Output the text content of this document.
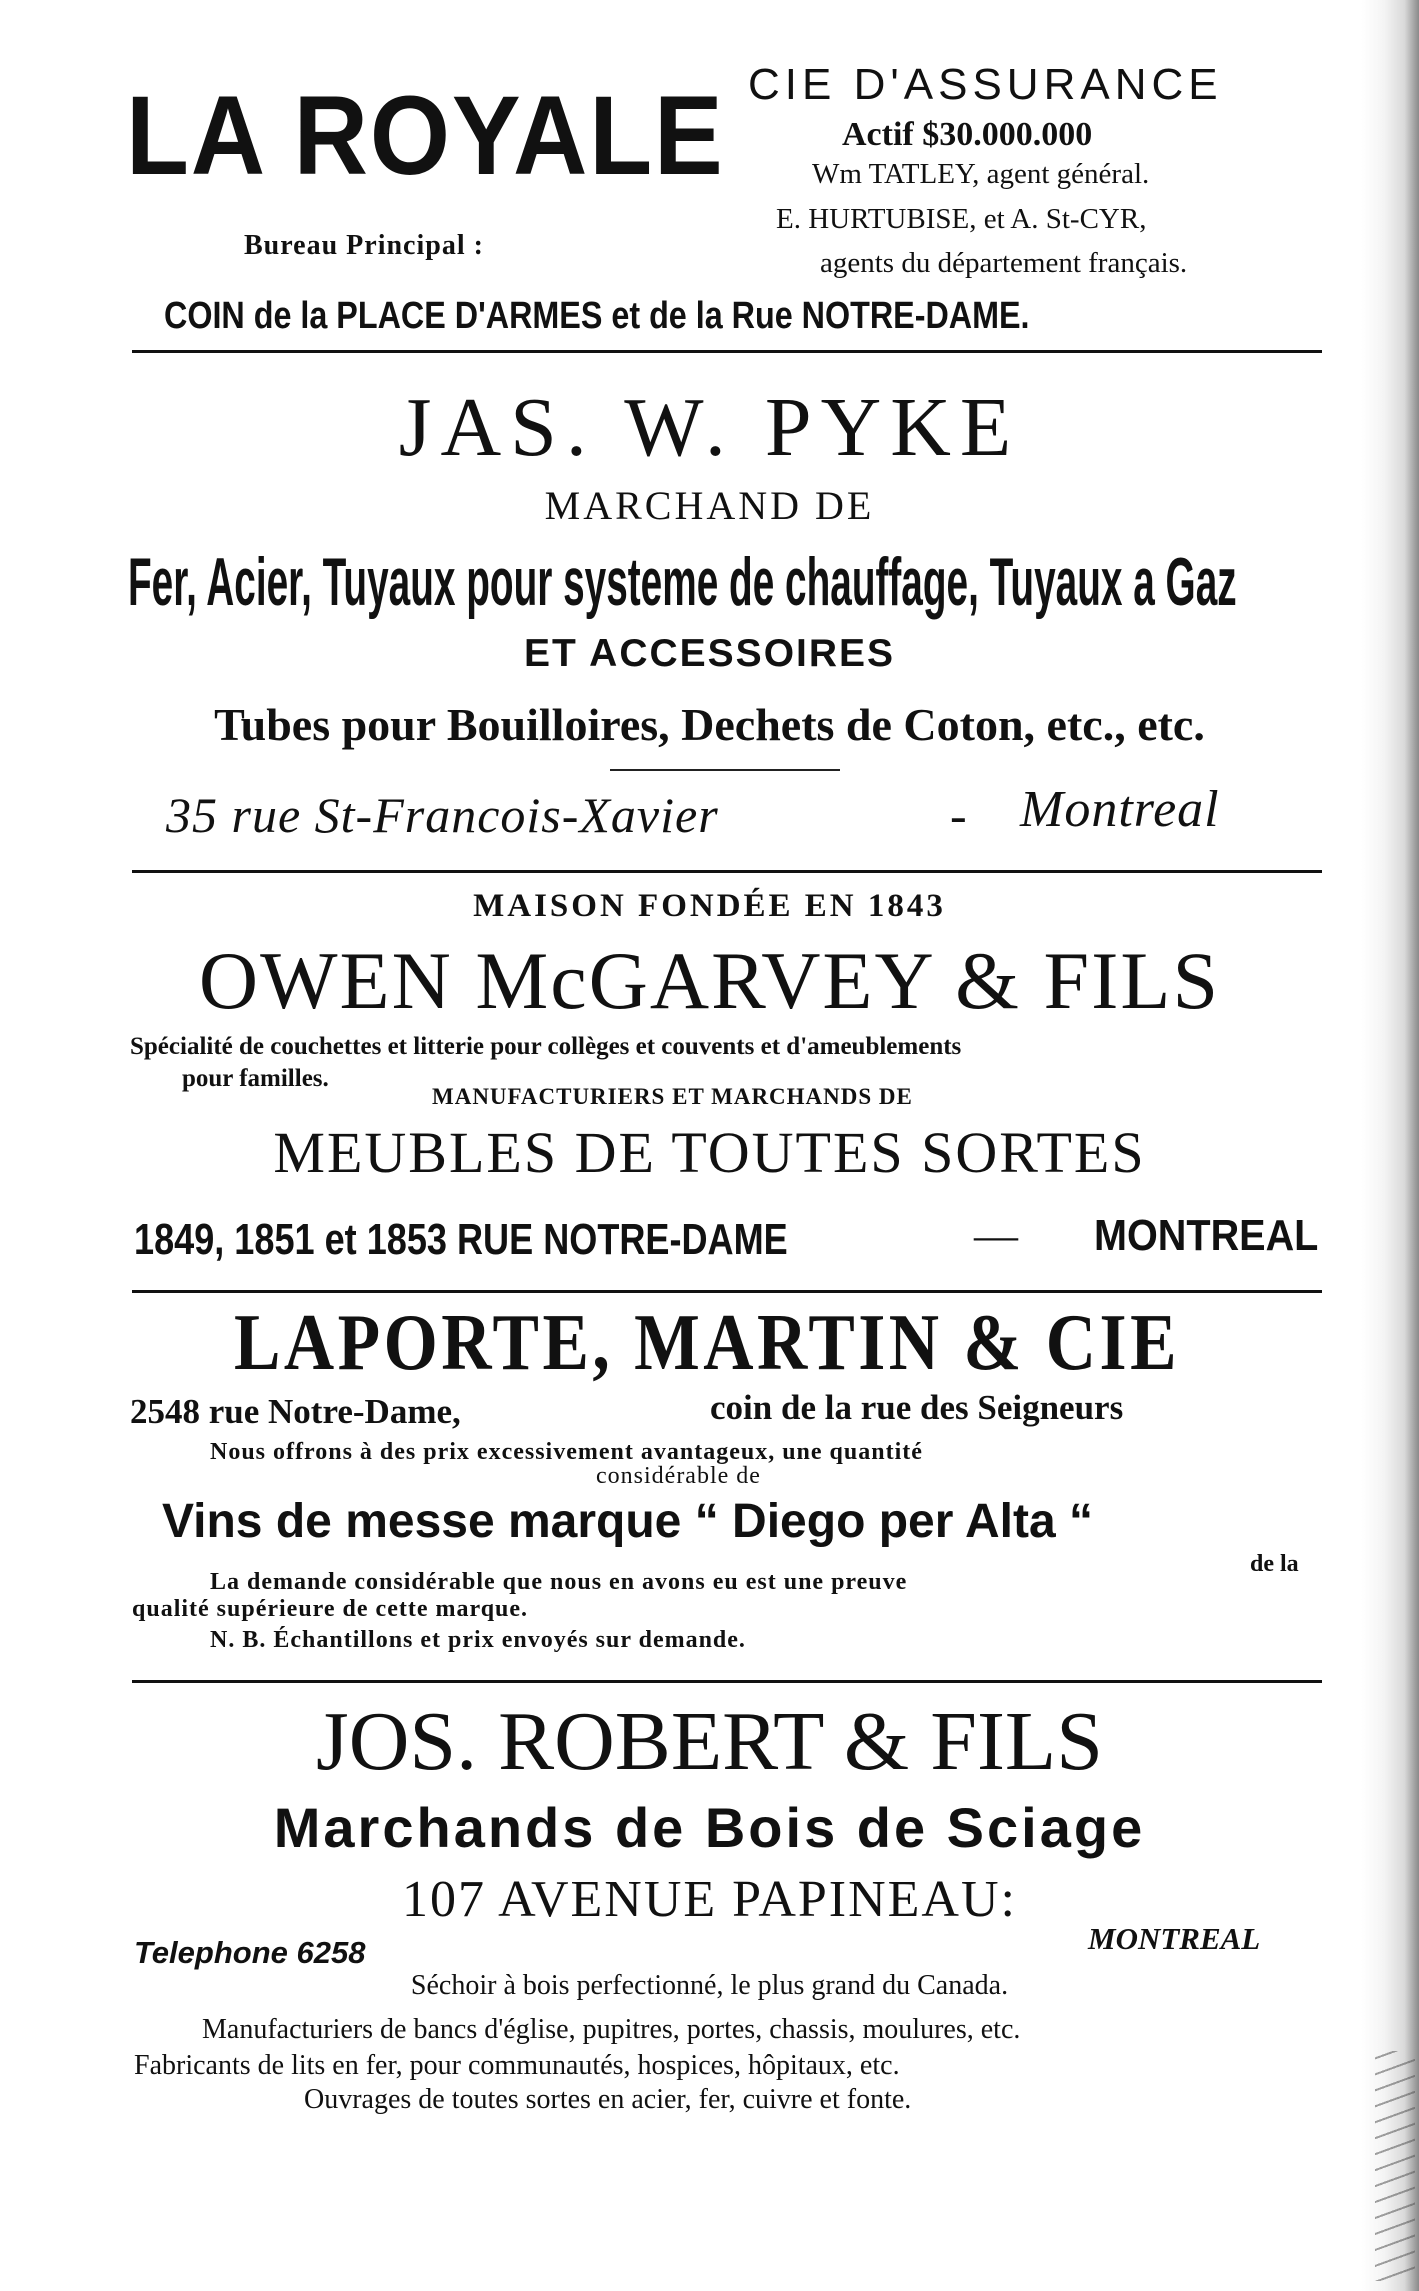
LA ROYALE CIE D'ASSURANCE
Actif $30.000.000
Wm TATLEY, agent général.
E. HURTUBISE, et A. St-CYR,
agents du département français.
Bureau Principal :
COIN de la PLACE D'ARMES et de la Rue NOTRE-DAME.
JAS. W. PYKE
MARCHAND DE
Fer, Acier, Tuyaux pour systeme de chauffage, Tuyaux a Gaz
ET ACCESSOIRES
Tubes pour Bouilloires, Dechets de Coton, etc., etc.
35 rue St-Francois-Xavier	- Montreal
MAISON FONDÉE EN 1843
OWEN McGARVEY & FILS
Spécialité de couchettes et litterie pour collèges et couvents et d'ameublements
pour familles.
MANUFACTURIERS ET MARCHANDS DE
MEUBLES DE TOUTES SORTES
1849, 1851 et 1853 RUE NOTRE-DAME	— MONTREAL
LAPORTE, MARTIN & CIE
2548 rue Notre-Dame,	coin de la rue des Seigneurs
Nous offrons à des prix excessivement avantageux, une quantité
considérable de
Vins de messe marque “ Diego per Alta “
La demande considérable que nous en avons eu est une preuve
de la
qualité supérieure de cette marque.
N. B. Échantillons et prix envoyés sur demande.
JOS. ROBERT & FILS
Marchands de Bois de Sciage
107 AVENUE PAPINEAU:
Telephone 6258	MONTREAL
Séchoir à bois perfectionné, le plus grand du Canada.
Manufacturiers de bancs d'église, pupitres, portes, chassis, moulures, etc.
Fabricants de lits en fer, pour communautés, hospices, hôpitaux, etc.
Ouvrages de toutes sortes en acier, fer, cuivre et fonte.
